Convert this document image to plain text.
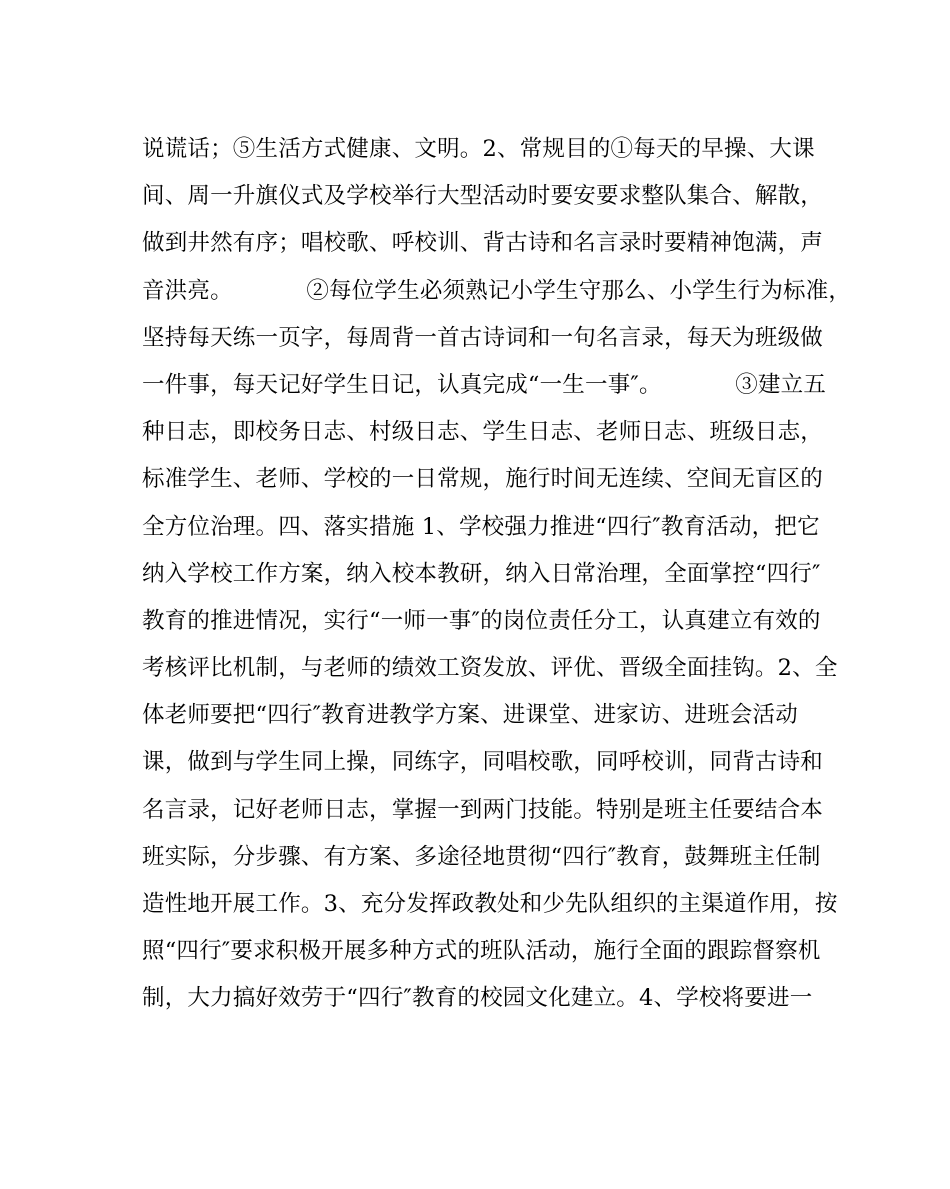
说谎话；⑤生活方式健康、文明。2、常规目的①每天的早操、大课

间、周一升旗仪式及学校举行大型活动时要安要求整队集合、解散，

做到井然有序；唱校歌、呼校训、背古诗和名言录时要精神饱满，声

音洪亮。          ②每位学生必须熟记小学生守那么、小学生行为标准，

坚持每天练一页字，每周背一首古诗词和一句名言录，每天为班级做

一件事，每天记好学生日记，认真完成“一生一事″。          ③建立五

种日志，即校务日志、村级日志、学生日志、老师日志、班级日志，

标准学生、老师、学校的一日常规，施行时间无连续、空间无盲区的

全方位治理。四、落实措施 1、学校强力推进“四行″教育活动，把它

纳入学校工作方案，纳入校本教研，纳入日常治理，全面掌控“四行″

教育的推进情况，实行“一师一事″的岗位责任分工，认真建立有效的

考核评比机制，与老师的绩效工资发放、评优、晋级全面挂钩。2、全

体老师要把“四行″教育进教学方案、进课堂、进家访、进班会活动

课，做到与学生同上操，同练字，同唱校歌，同呼校训，同背古诗和

名言录，记好老师日志，掌握一到两门技能。特别是班主任要结合本

班实际，分步骤、有方案、多途径地贯彻“四行″教育，鼓舞班主任制

造性地开展工作。3、充分发挥政教处和少先队组织的主渠道作用，按

照“四行″要求积极开展多种方式的班队活动，施行全面的跟踪督察机

制，大力搞好效劳于“四行″教育的校园文化建立。4、学校将要进一
